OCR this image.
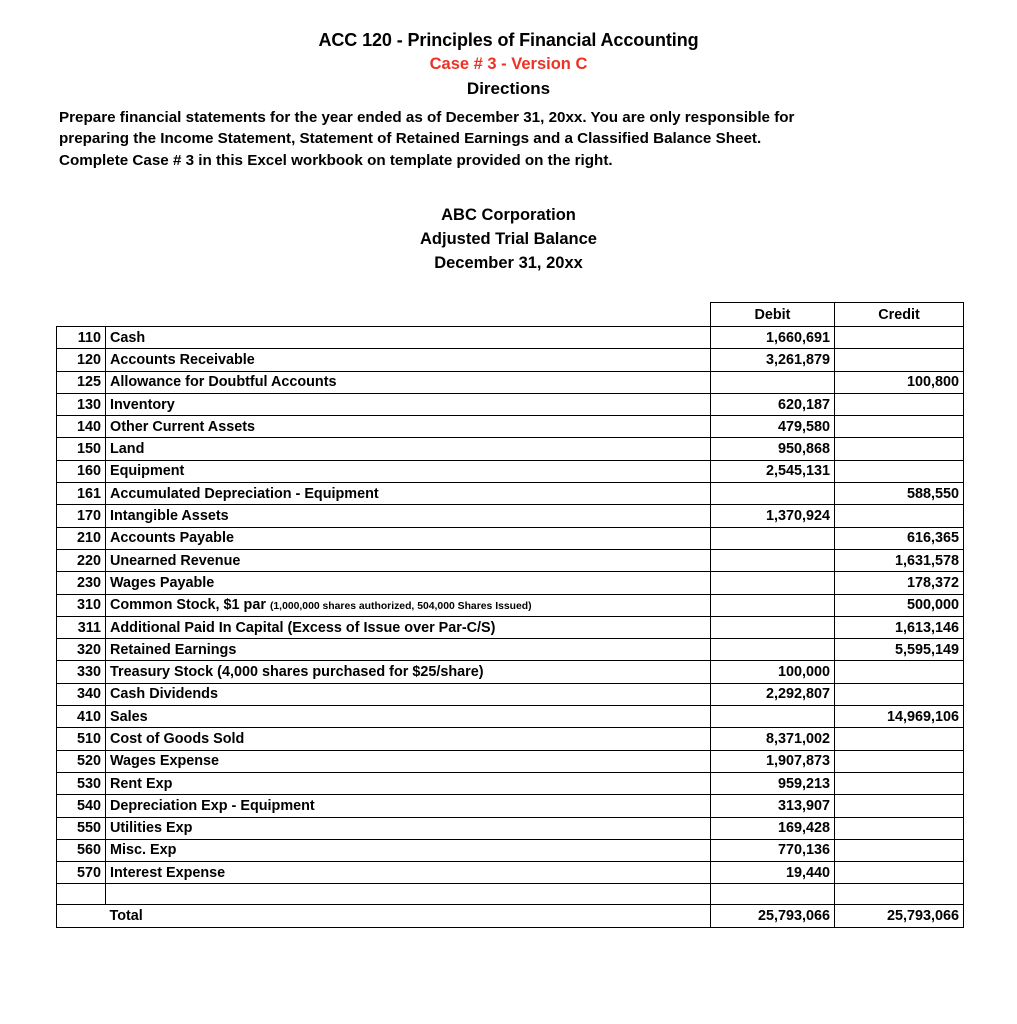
ACC 120 - Principles of Financial Accounting
Case # 3 - Version C
Directions

Prepare financial statements for the year ended as of December 31, 20xx. You are only responsible for preparing the Income Statement, Statement of Retained Earnings and a Classified Balance Sheet.

Complete Case # 3 in this Excel workbook on template provided on the right.

ABC Corporation
Adjusted Trial Balance
December 31, 20xx
		Debit	Credit
110	Cash	1,660,691	
120	Accounts Receivable	3,261,879	
125	Allowance for Doubtful Accounts		100,800
130	Inventory	620,187	
140	Other Current Assets	479,580	
150	Land	950,868	
160	Equipment	2,545,131	
161	Accumulated Depreciation - Equipment		588,550
170	Intangible Assets	1,370,924	
210	Accounts Payable		616,365
220	Unearned Revenue		1,631,578
230	Wages Payable		178,372
310	Common Stock, $1 par (1,000,000 shares authorized, 504,000 Shares Issued)		500,000
311	Additional Paid In Capital (Excess of Issue over Par-C/S)		1,613,146
320	Retained Earnings		5,595,149
330	Treasury Stock (4,000 shares purchased for $25/share)	100,000	
340	Cash Dividends	2,292,807	
410	Sales		14,969,106
510	Cost of Goods Sold	8,371,002	
520	Wages Expense	1,907,873	
530	Rent Exp	959,213	
540	Depreciation Exp - Equipment	313,907	
550	Utilities Exp	169,428	
560	Misc. Exp	770,136	
570	Interest Expense	19,440	

	Total	25,793,066	25,793,066
